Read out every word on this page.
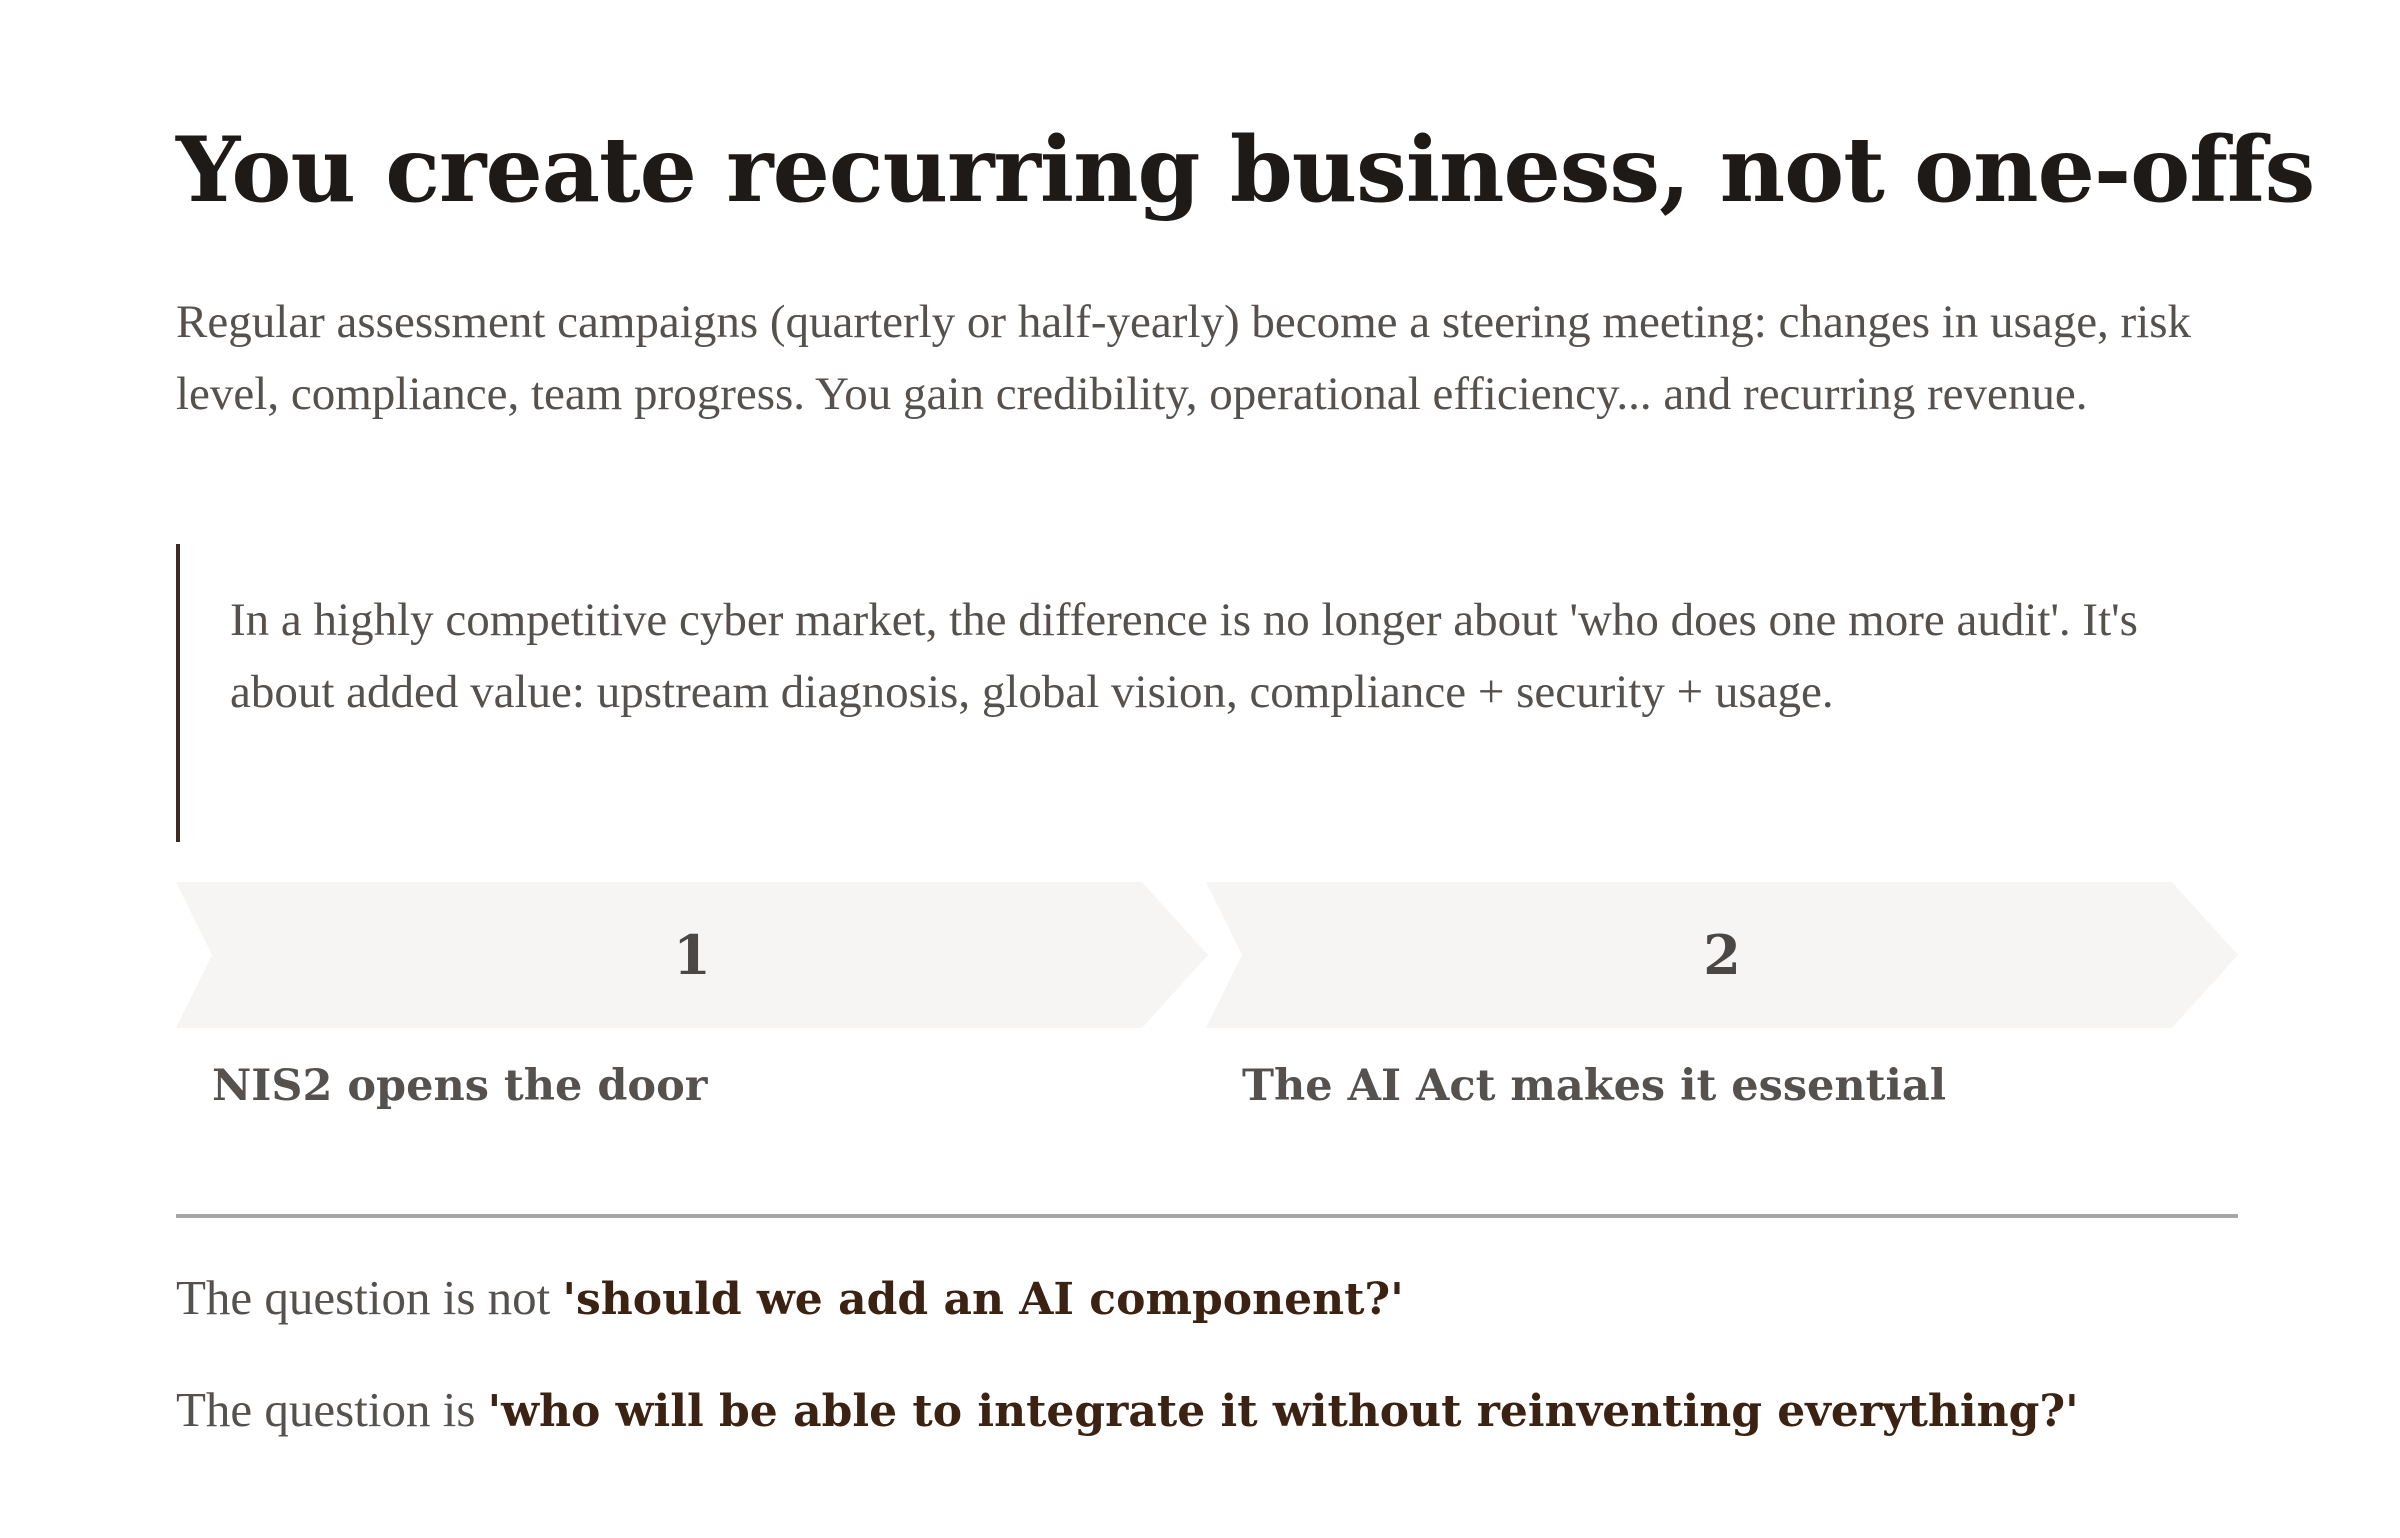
You create recurring business, not one-offs

Regular assessment campaigns (quarterly or half-yearly) become a steering meeting: changes in usage, risk level, compliance, team progress. You gain credibility, operational efficiency... and recurring revenue.

In a highly competitive cyber market, the difference is no longer about 'who does one more audit'. It's about added value: upstream diagnosis, global vision, compliance + security + usage.

1
NIS2 opens the door
2
The AI Act makes it essential

The question is not 'should we add an AI component?'

The question is 'who will be able to integrate it without reinventing everything?'
